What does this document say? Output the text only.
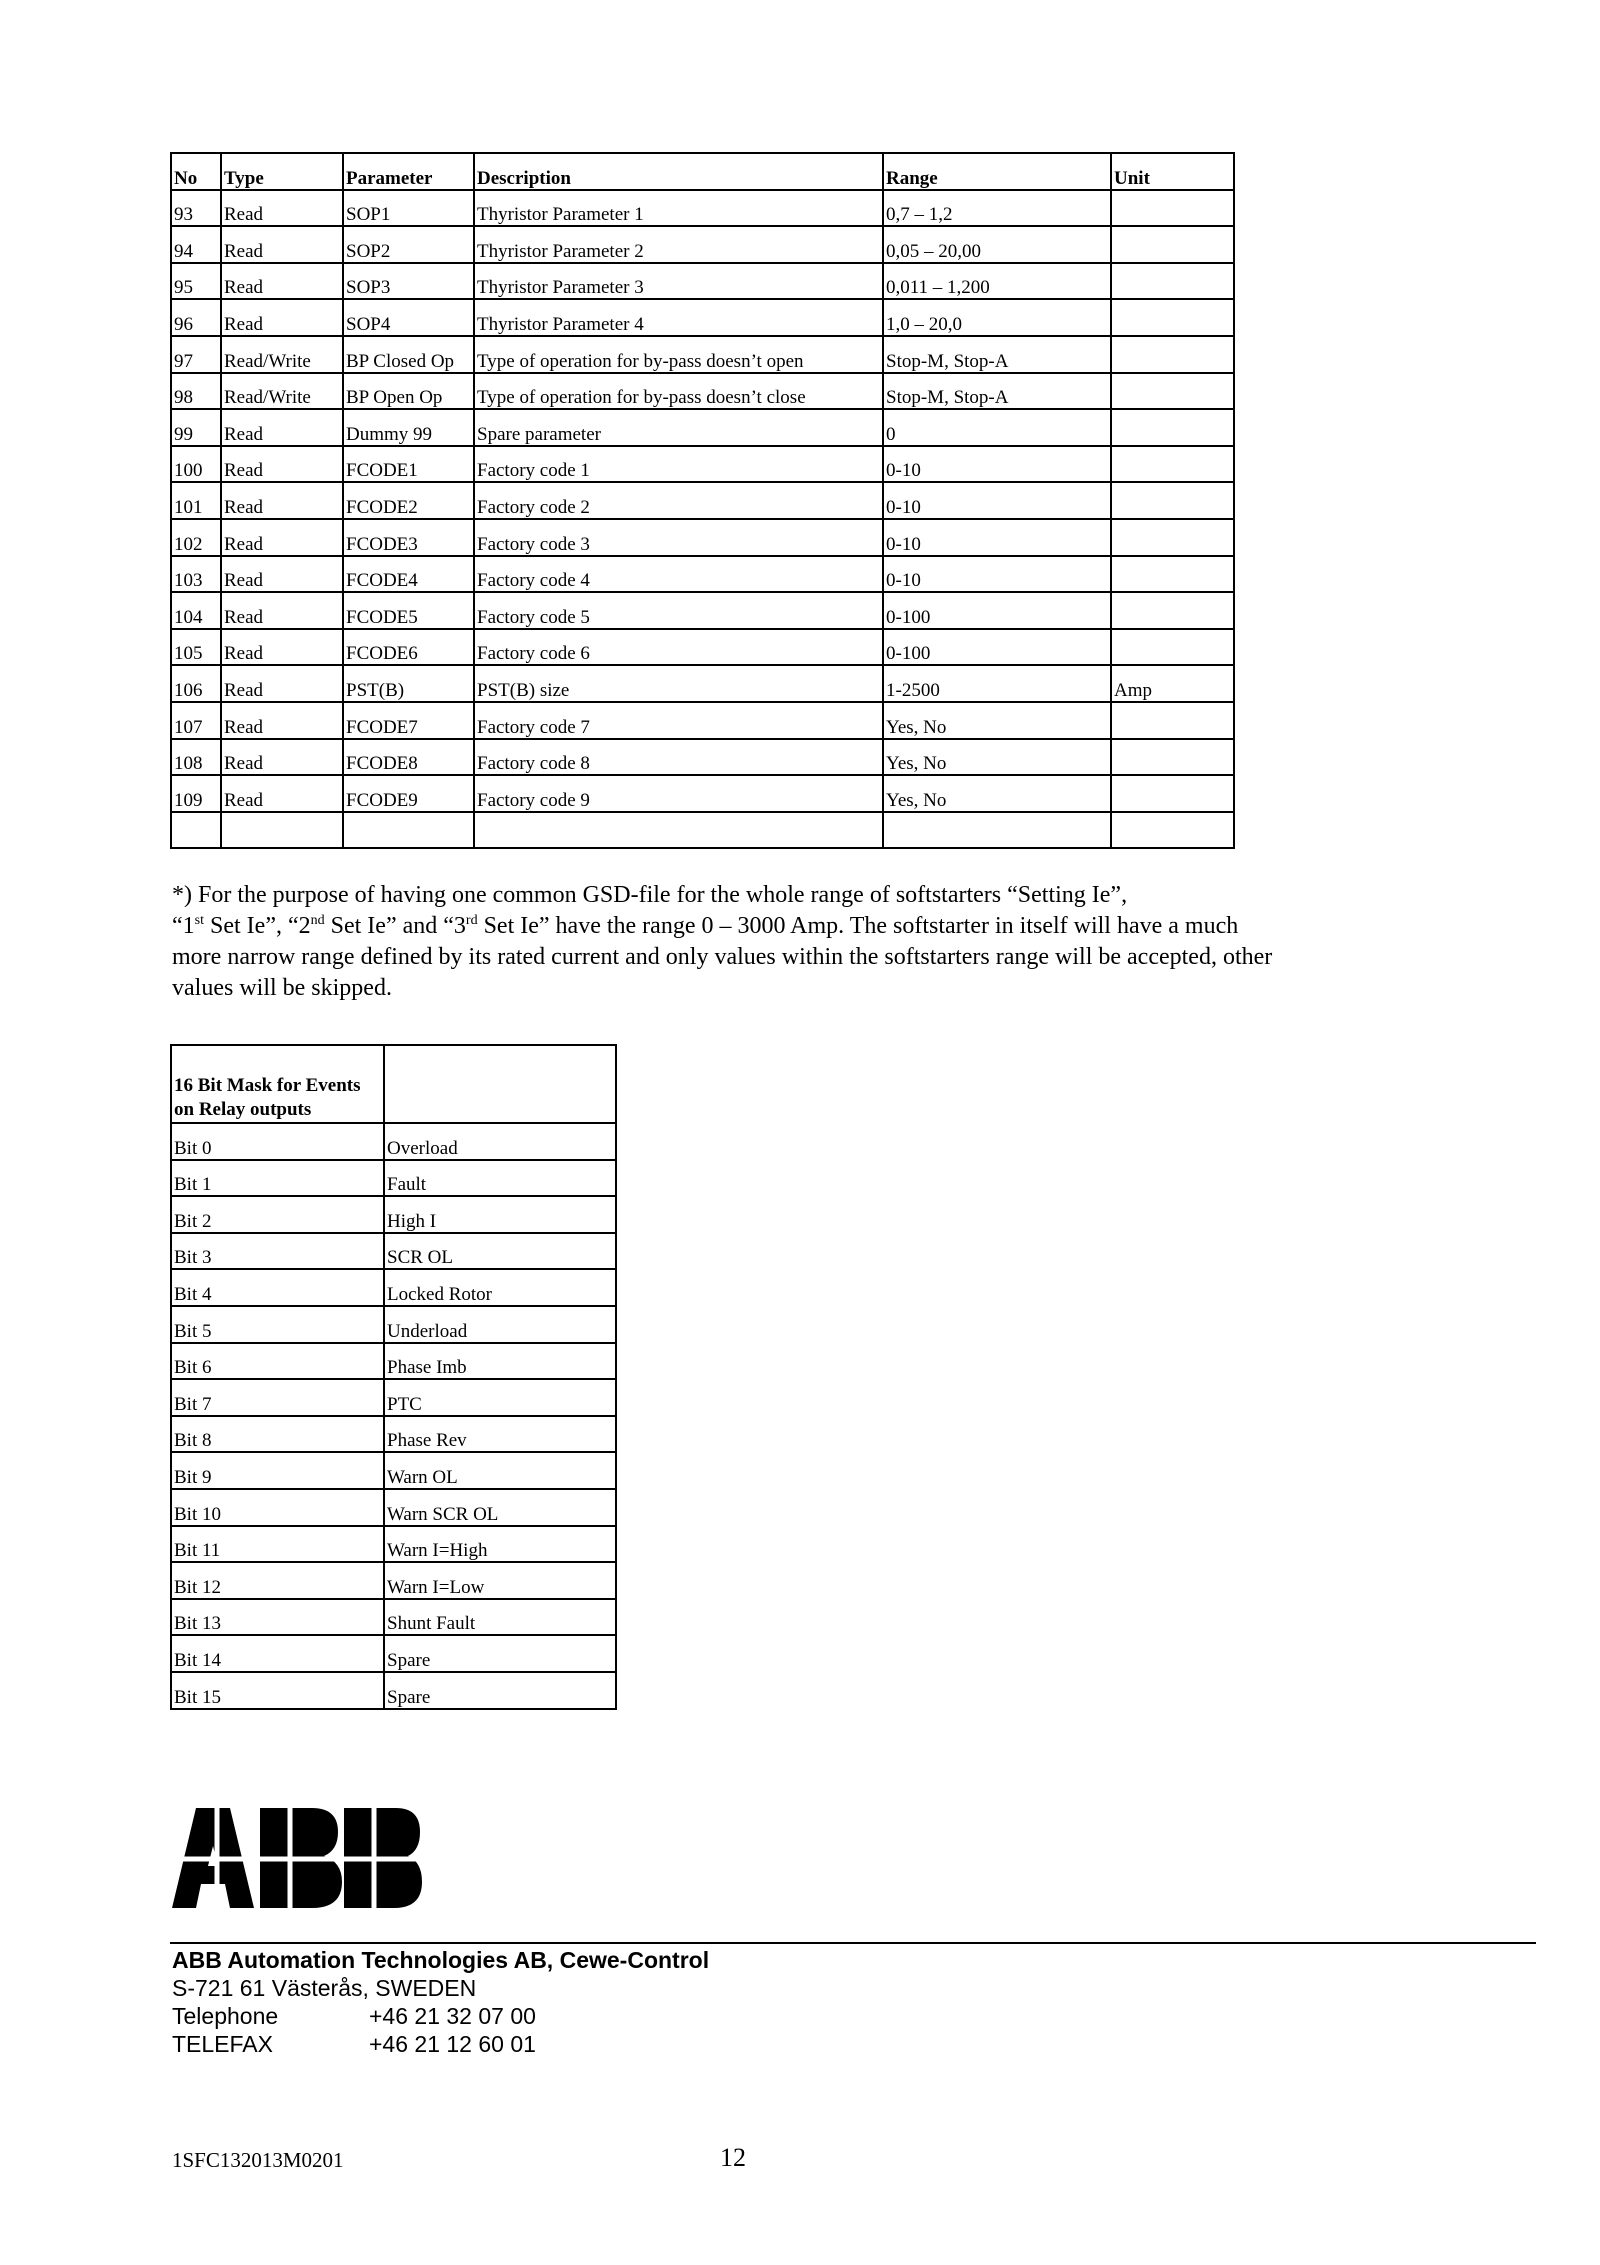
No	Type	Parameter	Description	Range	Unit
93	Read	SOP1	Thyristor Parameter 1	0,7 – 1,2	
94	Read	SOP2	Thyristor Parameter 2	0,05 – 20,00	
95	Read	SOP3	Thyristor Parameter 3	0,011 – 1,200	
96	Read	SOP4	Thyristor Parameter 4	1,0 – 20,0	
97	Read/Write	BP Closed Op	Type of operation for by-pass doesn’t open	Stop-M, Stop-A	
98	Read/Write	BP Open Op	Type of operation for by-pass doesn’t close	Stop-M, Stop-A	
99	Read	Dummy 99	Spare parameter	0	
100	Read	FCODE1	Factory code 1	0-10	
101	Read	FCODE2	Factory code 2	0-10	
102	Read	FCODE3	Factory code 3	0-10	
103	Read	FCODE4	Factory code 4	0-10	
104	Read	FCODE5	Factory code 5	0-100	
105	Read	FCODE6	Factory code 6	0-100	
106	Read	PST(B)	PST(B) size	1-2500	Amp
107	Read	FCODE7	Factory code 7	Yes, No	
108	Read	FCODE8	Factory code 8	Yes, No	
109	Read	FCODE9	Factory code 9	Yes, No	

*) For the purpose of having one common GSD-file for the whole range of softstarters “Setting Ie”,
“1st Set Ie”, “2nd Set Ie” and “3rd Set Ie” have the range 0 – 3000 Amp. The softstarter in itself will have a much
more narrow range defined by its rated current and only values within the softstarters range will be accepted, other
values will be skipped.
16 Bit Mask for Events on Relay outputs	
Bit 0	Overload
Bit 1	Fault
Bit 2	High I
Bit 3	SCR OL
Bit 4	Locked Rotor
Bit 5	Underload
Bit 6	Phase Imb
Bit 7	PTC
Bit 8	Phase Rev
Bit 9	Warn OL
Bit 10	Warn SCR OL
Bit 11	Warn I=High
Bit 12	Warn I=Low
Bit 13	Shunt Fault
Bit 14	Spare
Bit 15	Spare
ABB Automation Technologies AB, Cewe-Control
S-721 61 Västerås, SWEDEN
Telephone	+46 21 32 07 00
TELEFAX	+46 21 12 60 01
1SFC132013M0201	12
